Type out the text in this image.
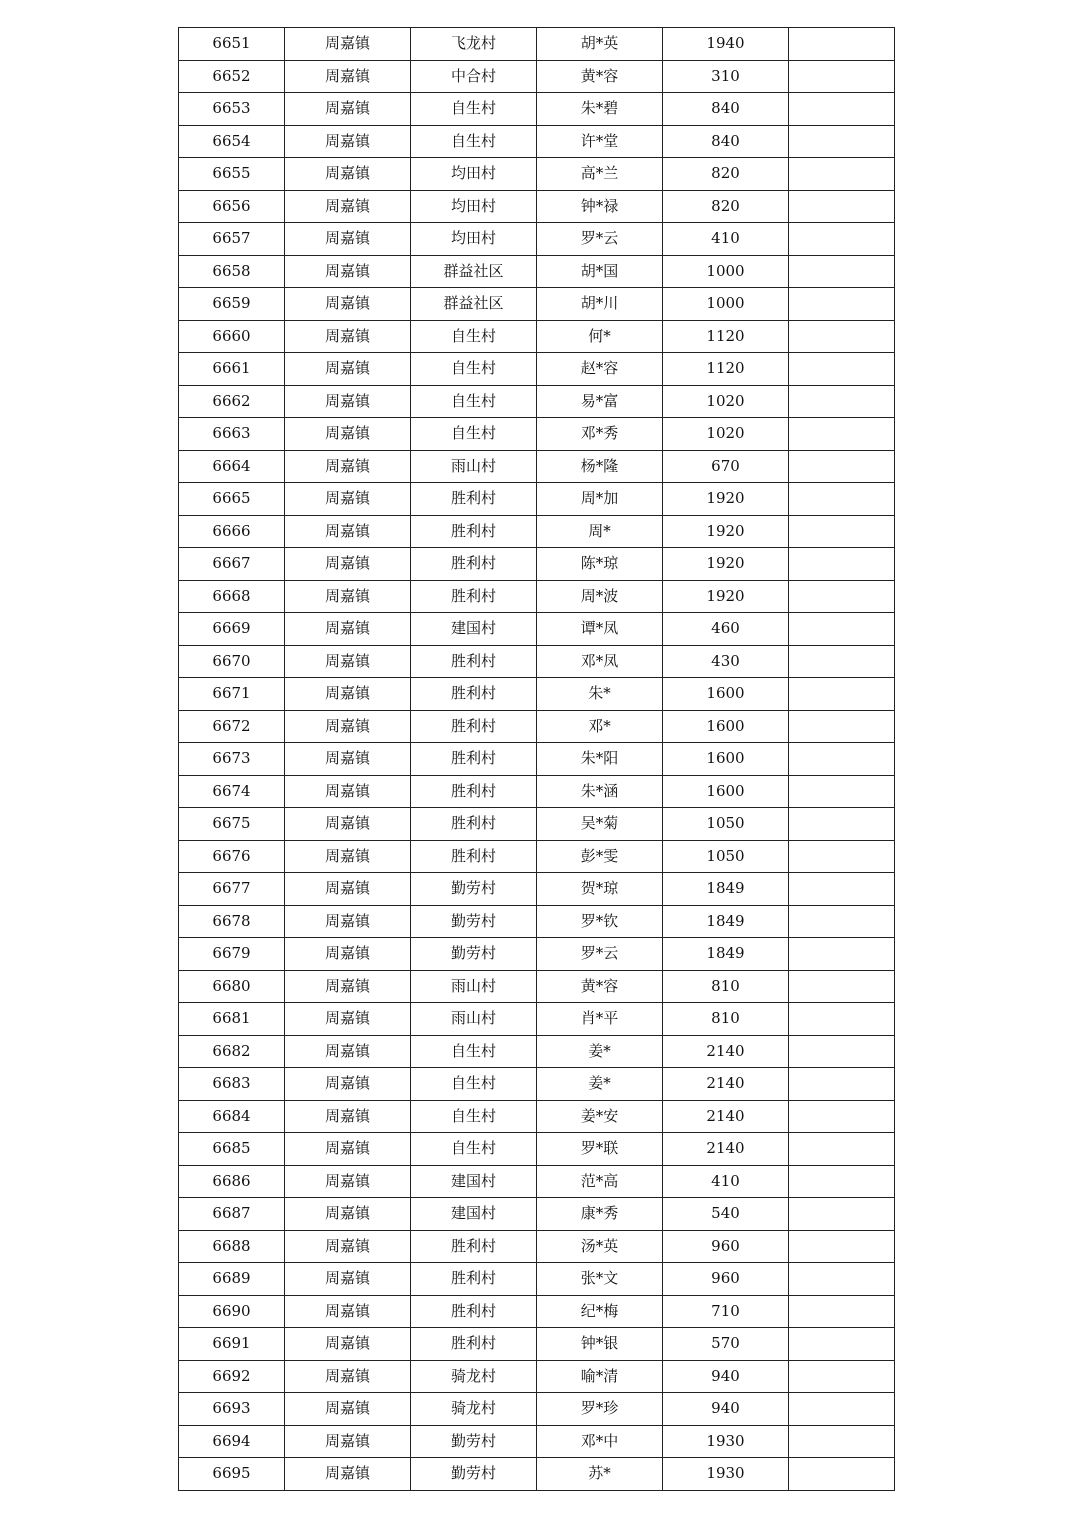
6651	周嘉镇	飞龙村	胡*英	1940	
6652	周嘉镇	中合村	黄*容	310	
6653	周嘉镇	自生村	朱*碧	840	
6654	周嘉镇	自生村	许*堂	840	
6655	周嘉镇	均田村	高*兰	820	
6656	周嘉镇	均田村	钟*禄	820	
6657	周嘉镇	均田村	罗*云	410	
6658	周嘉镇	群益社区	胡*国	1000	
6659	周嘉镇	群益社区	胡*川	1000	
6660	周嘉镇	自生村	何*	1120	
6661	周嘉镇	自生村	赵*容	1120	
6662	周嘉镇	自生村	易*富	1020	
6663	周嘉镇	自生村	邓*秀	1020	
6664	周嘉镇	雨山村	杨*隆	670	
6665	周嘉镇	胜利村	周*加	1920	
6666	周嘉镇	胜利村	周*	1920	
6667	周嘉镇	胜利村	陈*琼	1920	
6668	周嘉镇	胜利村	周*波	1920	
6669	周嘉镇	建国村	谭*凤	460	
6670	周嘉镇	胜利村	邓*凤	430	
6671	周嘉镇	胜利村	朱*	1600	
6672	周嘉镇	胜利村	邓*	1600	
6673	周嘉镇	胜利村	朱*阳	1600	
6674	周嘉镇	胜利村	朱*涵	1600	
6675	周嘉镇	胜利村	吴*菊	1050	
6676	周嘉镇	胜利村	彭*雯	1050	
6677	周嘉镇	勤劳村	贺*琼	1849	
6678	周嘉镇	勤劳村	罗*钦	1849	
6679	周嘉镇	勤劳村	罗*云	1849	
6680	周嘉镇	雨山村	黄*容	810	
6681	周嘉镇	雨山村	肖*平	810	
6682	周嘉镇	自生村	姜*	2140	
6683	周嘉镇	自生村	姜*	2140	
6684	周嘉镇	自生村	姜*安	2140	
6685	周嘉镇	自生村	罗*联	2140	
6686	周嘉镇	建国村	范*高	410	
6687	周嘉镇	建国村	康*秀	540	
6688	周嘉镇	胜利村	汤*英	960	
6689	周嘉镇	胜利村	张*文	960	
6690	周嘉镇	胜利村	纪*梅	710	
6691	周嘉镇	胜利村	钟*银	570	
6692	周嘉镇	骑龙村	喻*清	940	
6693	周嘉镇	骑龙村	罗*珍	940	
6694	周嘉镇	勤劳村	邓*中	1930	
6695	周嘉镇	勤劳村	苏*	1930	
